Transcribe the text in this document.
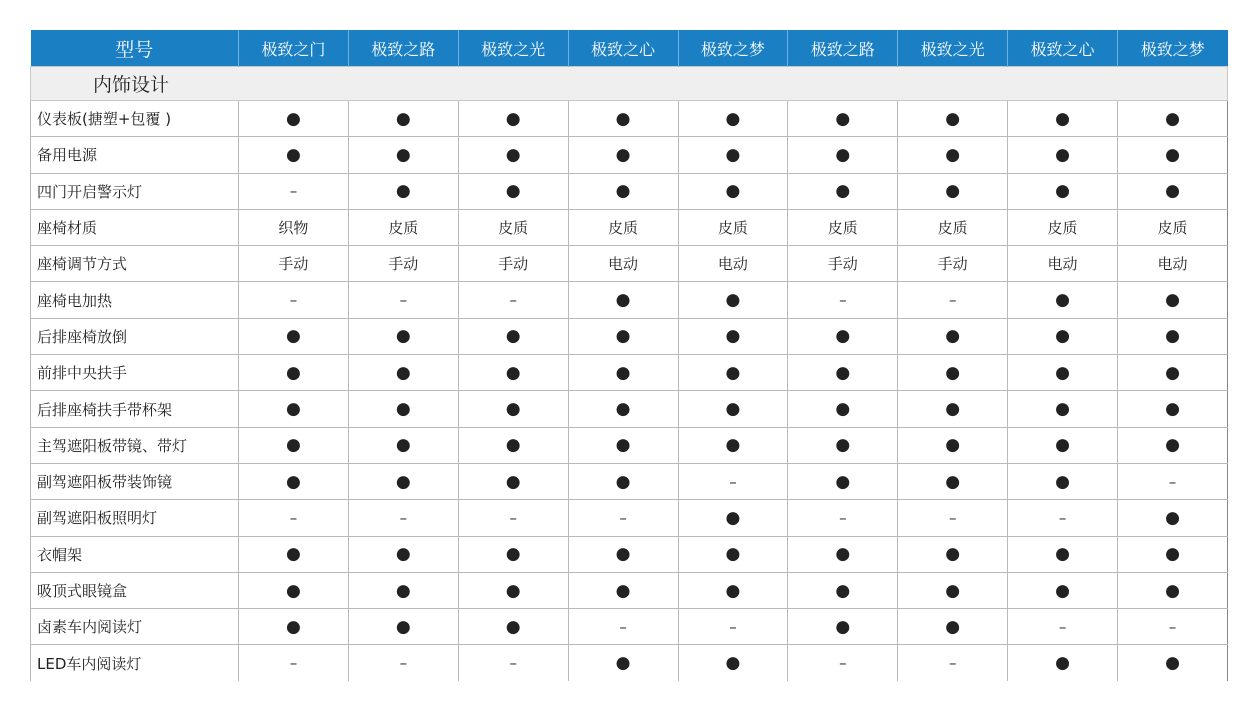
型号	极致之门	极致之路	极致之光	极致之心	极致之梦	极致之路	极致之光	极致之心	极致之梦
内饰设计									
仪表板(搪塑+包覆 )	●	●	●	●	●	●	●	●	●
备用电源	●	●	●	●	●	●	●	●	●
四门开启警示灯	–	●	●	●	●	●	●	●	●
座椅材质	织物	皮质	皮质	皮质	皮质	皮质	皮质	皮质	皮质
座椅调节方式	手动	手动	手动	电动	电动	手动	手动	电动	电动
座椅电加热	–	–	–	●	●	–	–	●	●
后排座椅放倒	●	●	●	●	●	●	●	●	●
前排中央扶手	●	●	●	●	●	●	●	●	●
后排座椅扶手带杯架	●	●	●	●	●	●	●	●	●
主驾遮阳板带镜、带灯	●	●	●	●	●	●	●	●	●
副驾遮阳板带装饰镜	●	●	●	●	–	●	●	●	–
副驾遮阳板照明灯	–	–	–	–	●	–	–	–	●
衣帽架	●	●	●	●	●	●	●	●	●
吸顶式眼镜盒	●	●	●	●	●	●	●	●	●
卤素车内阅读灯	●	●	●	–	–	●	●	–	–
LED车内阅读灯	–	–	–	●	●	–	–	●	●
